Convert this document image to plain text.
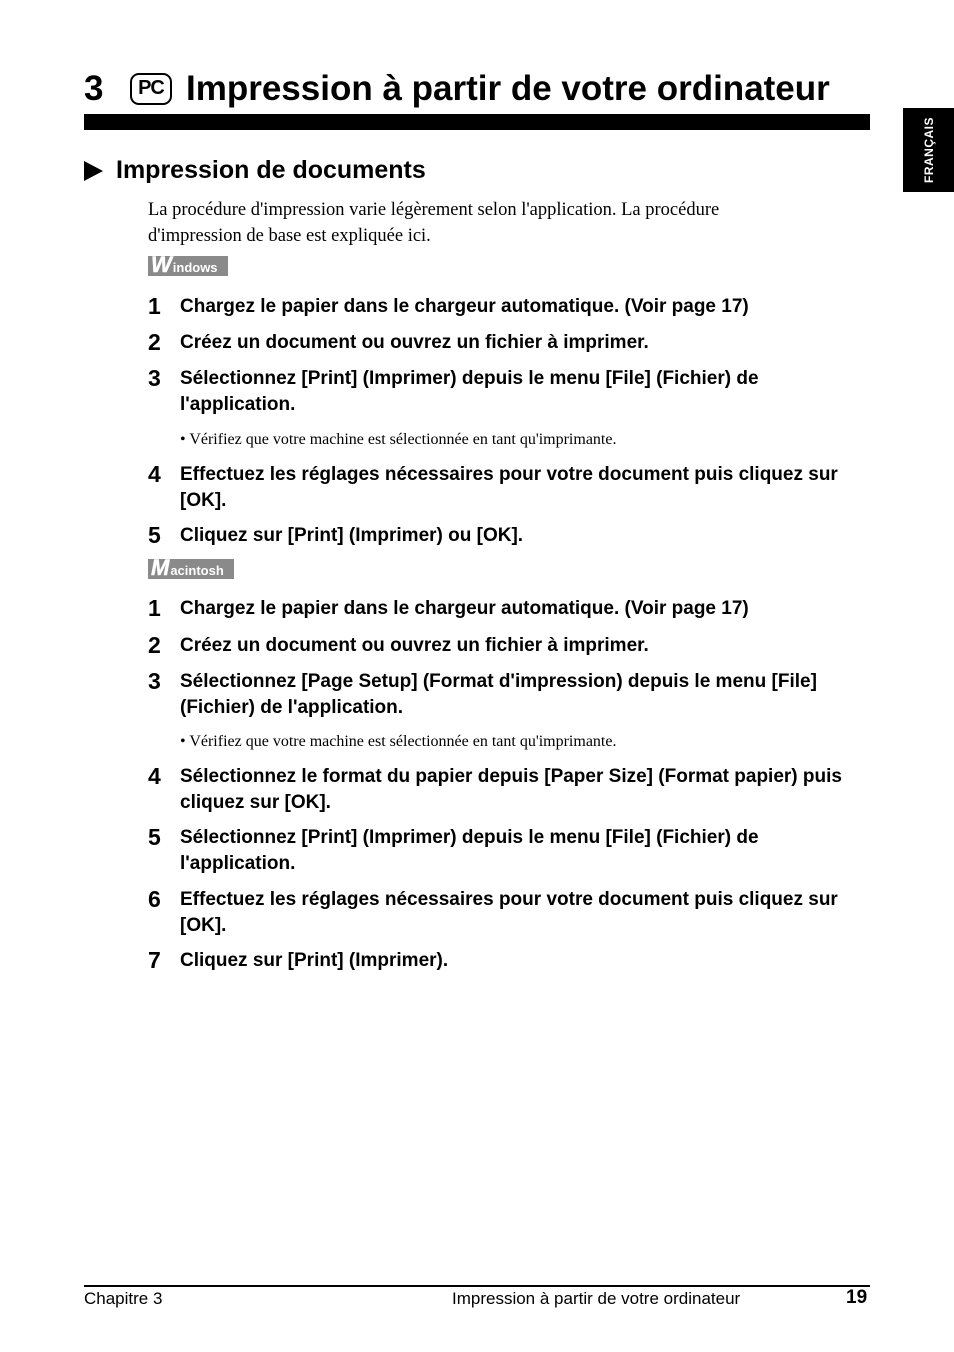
3	PC Impression à partir de votre ordinateur
FRANÇAIS
Impression de documents
La procédure d'impression varie légèrement selon l'application. La procédure
d'impression de base est expliquée ici.
W indows
1	Chargez le papier dans le chargeur automatique. (Voir page 17)
2	Créez un document ou ouvrez un fichier à imprimer.
3	Sélectionnez [Print] (Imprimer) depuis le menu [File] (Fichier) de l'application.
• Vérifiez que votre machine est sélectionnée en tant qu'imprimante.
4	Effectuez les réglages nécessaires pour votre document puis cliquez sur [OK].
5	Cliquez sur [Print] (Imprimer) ou [OK].
M acintosh
1	Chargez le papier dans le chargeur automatique. (Voir page 17)
2	Créez un document ou ouvrez un fichier à imprimer.
3	Sélectionnez [Page Setup] (Format d'impression) depuis le menu [File] (Fichier) de l'application.
• Vérifiez que votre machine est sélectionnée en tant qu'imprimante.
4	Sélectionnez le format du papier depuis [Paper Size] (Format papier) puis cliquez sur [OK].
5	Sélectionnez [Print] (Imprimer) depuis le menu [File] (Fichier) de l'application.
6	Effectuez les réglages nécessaires pour votre document puis cliquez sur [OK].
7	Cliquez sur [Print] (Imprimer).
Chapitre 3	Impression à partir de votre ordinateur	19
